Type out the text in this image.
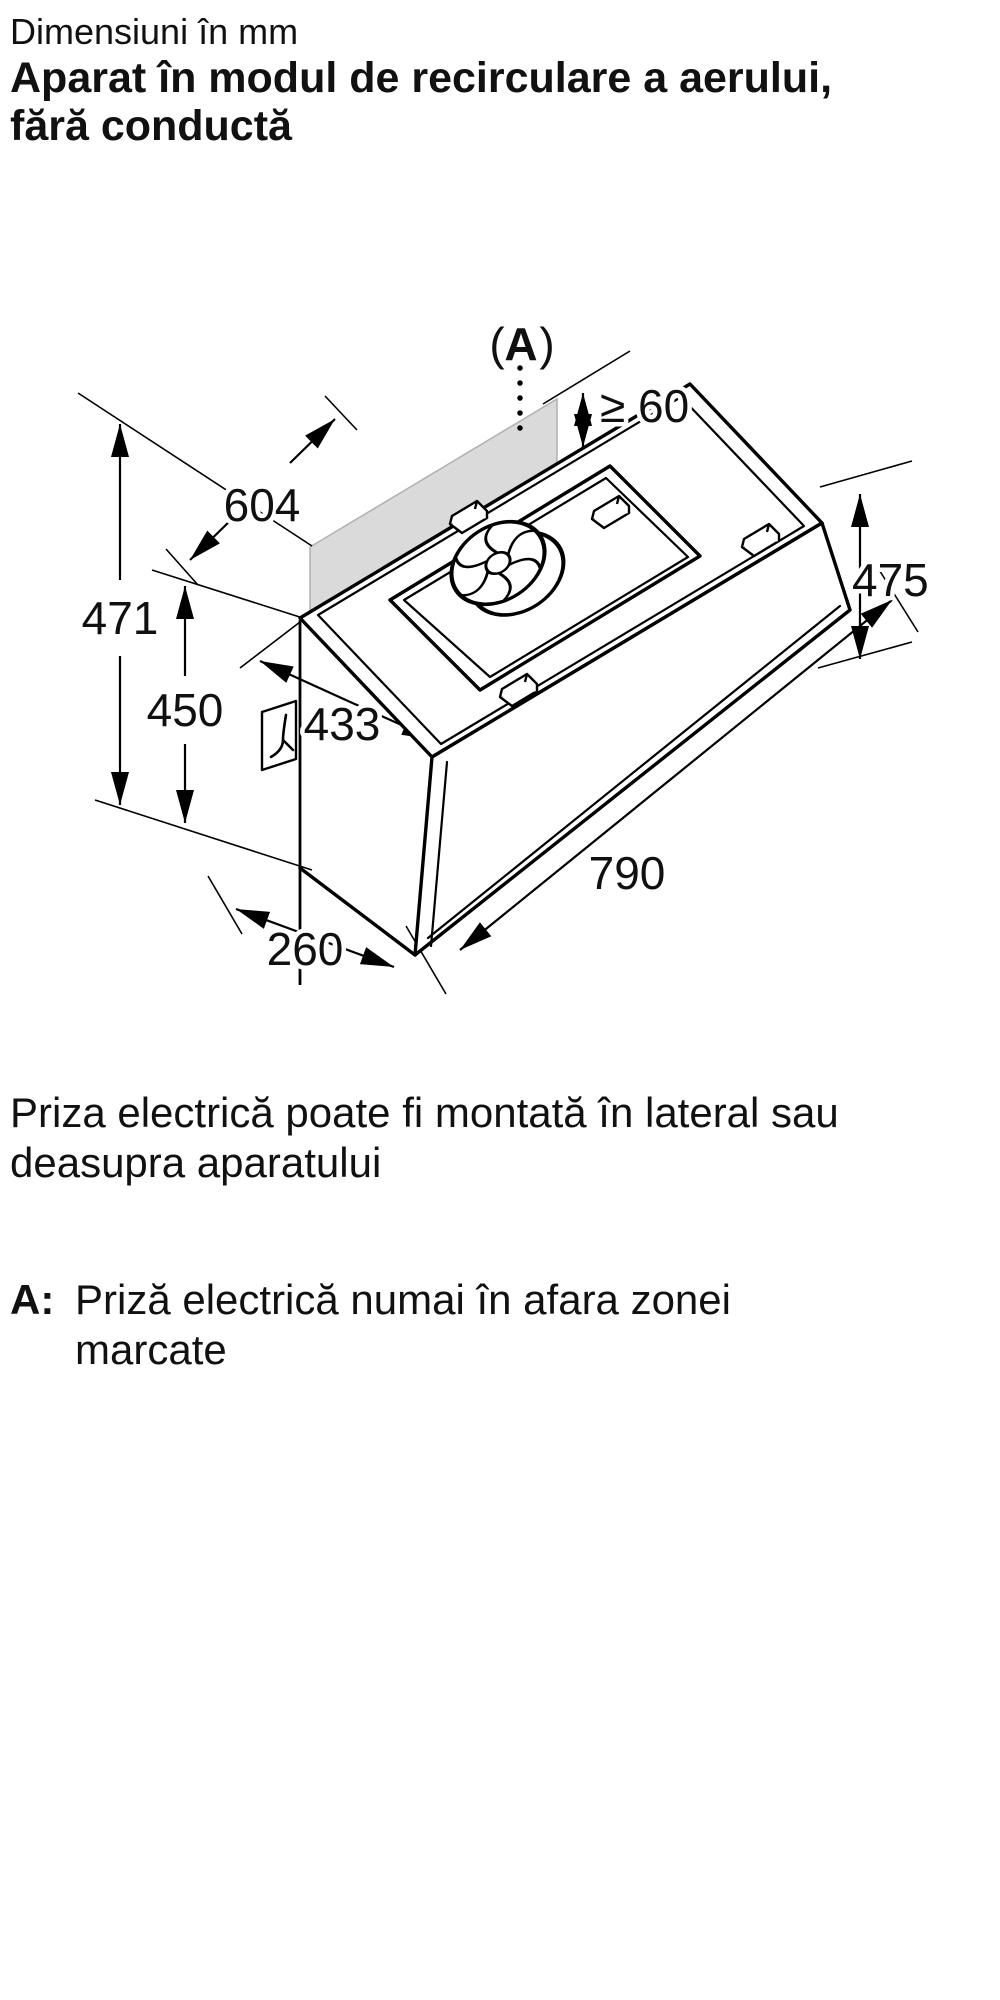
Dimensiuni în mm
Aparat în modul de recirculare a aerului,
fără conductă
604
471
450 433
≥ 60
475
790
260
( A )
Priza electrică poate fi montată în lateral sau
deasupra aparatului
A: Priză electrică numai în afara zonei
marcate
